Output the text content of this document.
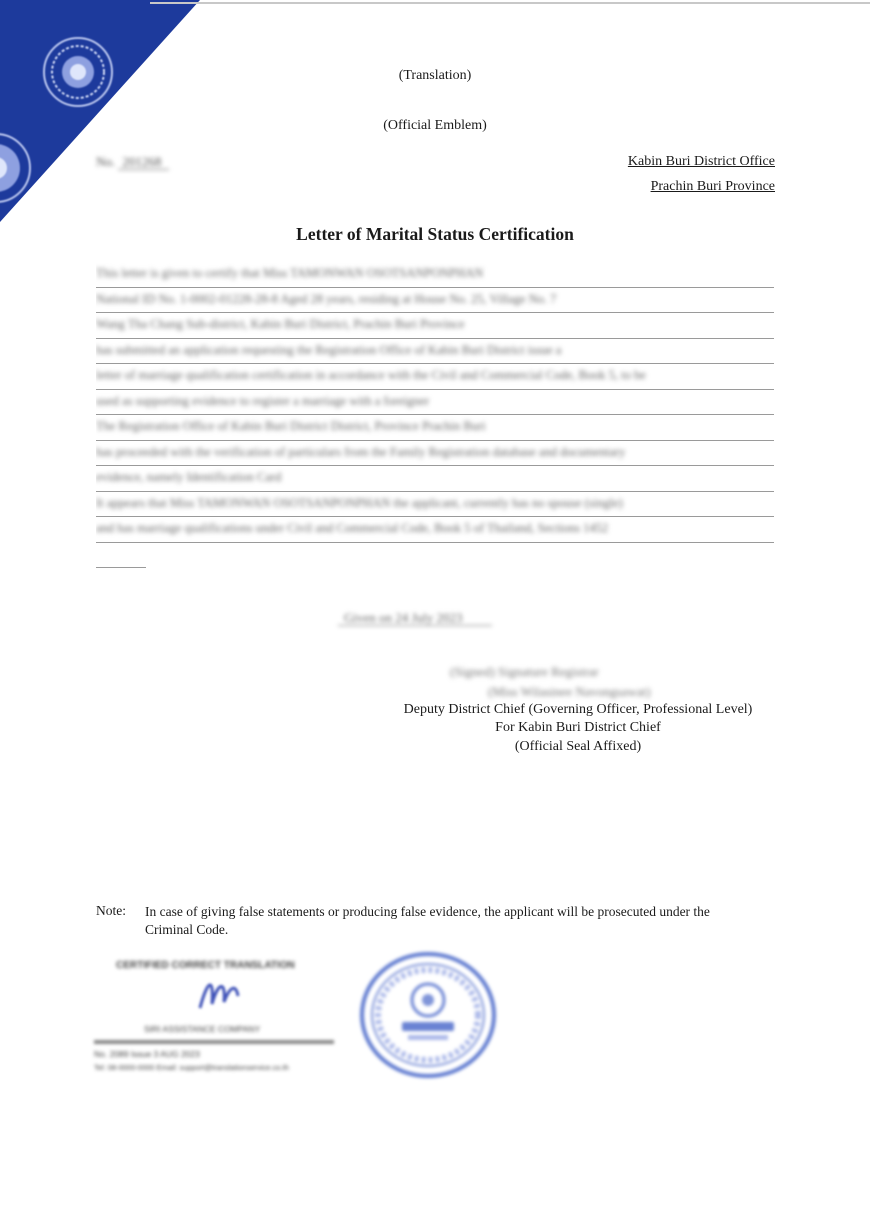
(Translation)
(Official Emblem)
No. 201268	Kabin Buri District Office
Prachin Buri Province
Letter of Marital Status Certification
This letter is given to certify that Miss TAMONWAN OSOTSANPONPHAN
National ID No. 1-0002-01228-28-8 Aged 28 years, residing at House No. 25, Village No. 7
Wang Tha Chang Sub-district, Kabin Buri District, Prachin Buri Province
has submitted an application requesting the Registration Office of Kabin Buri District issue a
letter of marriage qualification certification in accordance with the Civil and Commercial Code, Book 5, to be
used as supporting evidence to register a marriage with a foreigner
The Registration Office of Kabin Buri District District, Province Prachin Buri
has proceeded with the verification of particulars from the Family Registration database and documentary
evidence, namely Identification Card
It appears that Miss TAMONWAN OSOTSANPONPHAN the applicant, currently has no spouse (single)
and has marriage qualifications under Civil and Commercial Code, Book 5 of Thailand, Sections 1452
Given on 24 July 2023
(Signed) Signature Registrar
(Miss Wilasinee Navongsawat)
Deputy District Chief (Governing Officer, Professional Level)
For Kabin Buri District Chief
(Official Seal Affixed)
Note: In case of giving false statements or producing false evidence, the applicant will be prosecuted under the Criminal Code.
CERTIFIED CORRECT TRANSLATION
SIRI ASSISTANCE COMPANY
No. 2089 Issue 3 AUG 2023
Tel: 08-0000-0000 Email: support@translationservice.co.th
